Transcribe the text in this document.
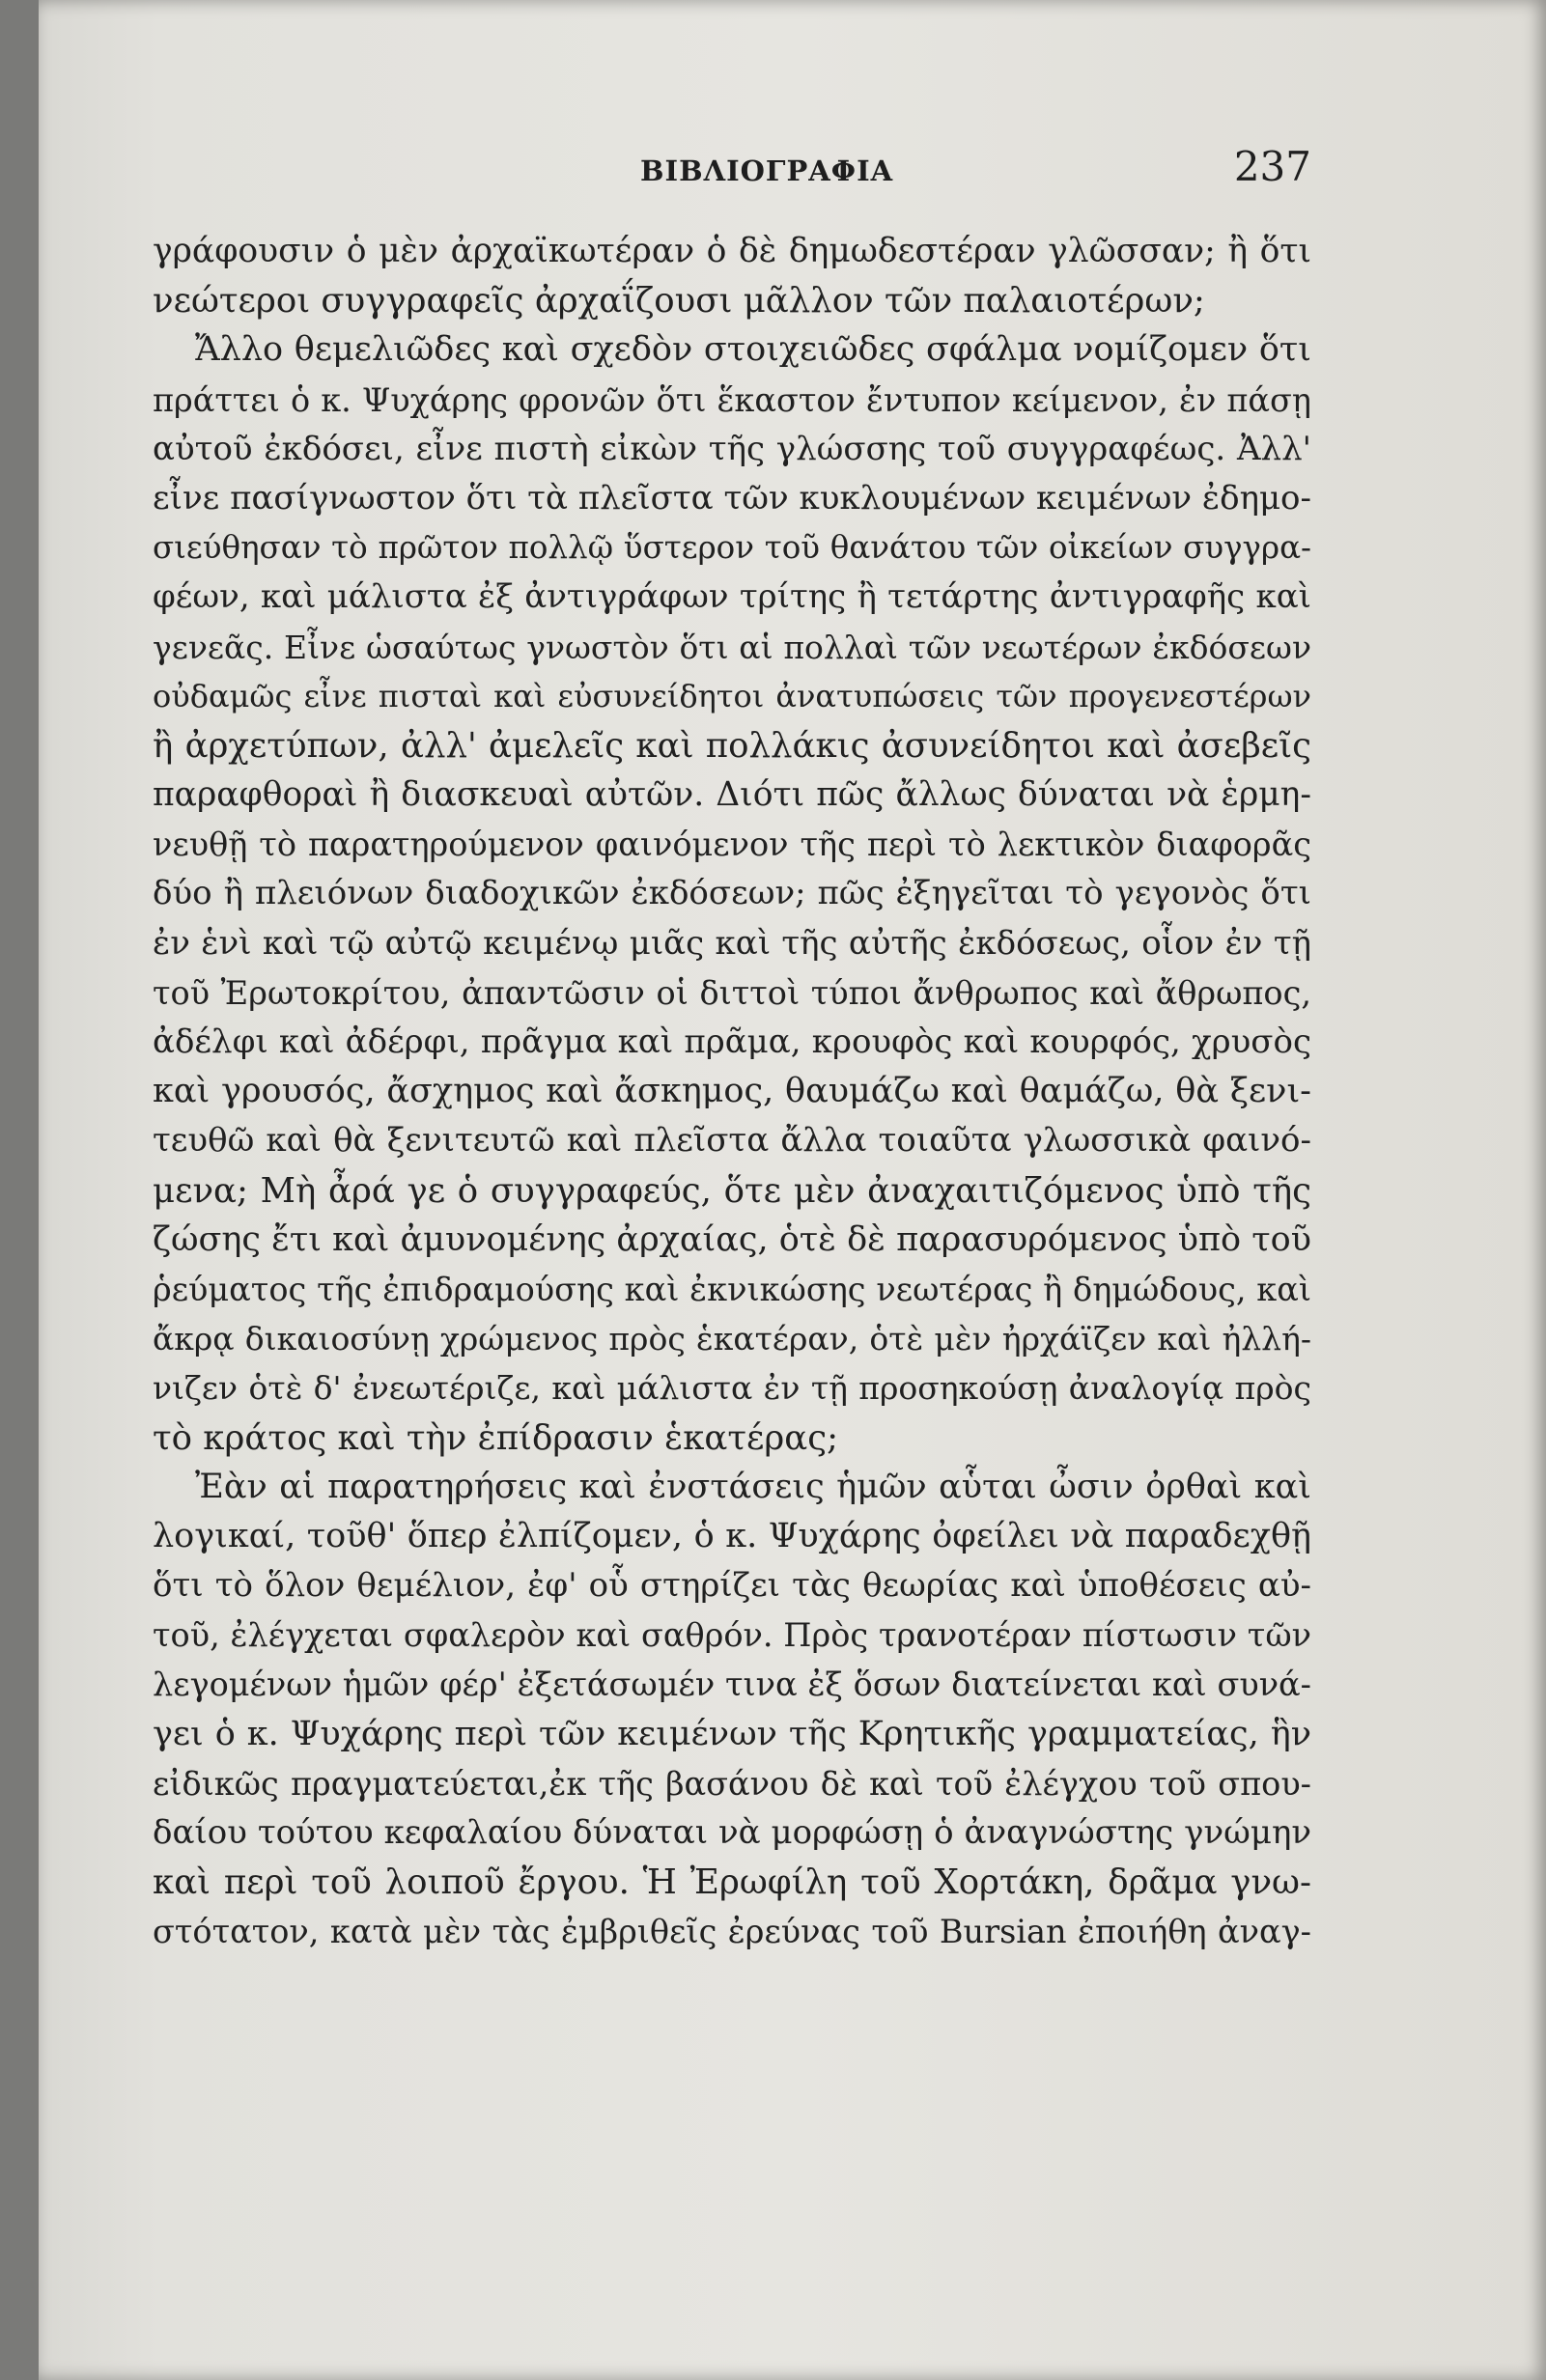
ΒΙΒΛΙΟΓΡΑΦΙΑ	237
γράφουσιν ὁ μὲν ἀρχαϊκωτέραν ὁ δὲ δημωδεστέραν γλῶσσαν; ἢ ὅτι
νεώτεροι συγγραφεῖς ἀρχαΐζουσι μᾶλλον τῶν παλαιοτέρων;
Ἄλλο θεμελιῶδες καὶ σχεδὸν στοιχειῶδες σφάλμα νομίζομεν ὅτι
πράττει ὁ κ. Ψυχάρης φρονῶν ὅτι ἕκαστον ἔντυπον κείμενον, ἐν πάσῃ
αὐτοῦ ἐκδόσει, εἶνε πιστὴ εἰκὼν τῆς γλώσσης τοῦ συγγραφέως. Ἀλλ'
εἶνε πασίγνωστον ὅτι τὰ πλεῖστα τῶν κυκλουμένων κειμένων ἐδημο-
σιεύθησαν τὸ πρῶτον πολλῷ ὕστερον τοῦ θανάτου τῶν οἰκείων συγγρα-
φέων, καὶ μάλιστα ἐξ ἀντιγράφων τρίτης ἢ τετάρτης ἀντιγραφῆς καὶ
γενεᾶς. Εἶνε ὡσαύτως γνωστὸν ὅτι αἱ πολλαὶ τῶν νεωτέρων ἐκδόσεων
οὐδαμῶς εἶνε πισταὶ καὶ εὐσυνείδητοι ἀνατυπώσεις τῶν προγενεστέρων
ἢ ἀρχετύπων, ἀλλ' ἀμελεῖς καὶ πολλάκις ἀσυνείδητοι καὶ ἀσεβεῖς
παραφθοραὶ ἢ διασκευαὶ αὐτῶν. Διότι πῶς ἄλλως δύναται νὰ ἑρμη-
νευθῇ τὸ παρατηρούμενον φαινόμενον τῆς περὶ τὸ λεκτικὸν διαφορᾶς
δύο ἢ πλειόνων διαδοχικῶν ἐκδόσεων; πῶς ἐξηγεῖται τὸ γεγονὸς ὅτι
ἐν ἑνὶ καὶ τῷ αὐτῷ κειμένῳ μιᾶς καὶ τῆς αὐτῆς ἐκδόσεως, οἷον ἐν τῇ
τοῦ Ἐρωτοκρίτου, ἀπαντῶσιν οἱ διττοὶ τύποι ἄνθρωπος καὶ ἄθρωπος,
ἀδέλφι καὶ ἀδέρφι, πρᾶγμα καὶ πρᾶμα, κρουφὸς καὶ κουρφός, χρυσὸς
καὶ γρουσός, ἄσχημος καὶ ἄσκημος, θαυμάζω καὶ θαμάζω, θὰ ξενι-
τευθῶ καὶ θὰ ξενιτευτῶ καὶ πλεῖστα ἄλλα τοιαῦτα γλωσσικὰ φαινό-
μενα; Μὴ ἆρά γε ὁ συγγραφεύς, ὅτε μὲν ἀναχαιτιζόμενος ὑπὸ τῆς
ζώσης ἔτι καὶ ἀμυνομένης ἀρχαίας, ὁτὲ δὲ παρασυρόμενος ὑπὸ τοῦ
ῥεύματος τῆς ἐπιδραμούσης καὶ ἐκνικώσης νεωτέρας ἢ δημώδους, καὶ
ἄκρᾳ δικαιοσύνῃ χρώμενος πρὸς ἑκατέραν, ὁτὲ μὲν ἠρχάϊζεν καὶ ἠλλή-
νιζεν ὁτὲ δ' ἐνεωτέριζε, καὶ μάλιστα ἐν τῇ προσηκούσῃ ἀναλογίᾳ πρὸς
τὸ κράτος καὶ τὴν ἐπίδρασιν ἑκατέρας;
Ἐὰν αἱ παρατηρήσεις καὶ ἐνστάσεις ἡμῶν αὗται ὦσιν ὀρθαὶ καὶ
λογικαί, τοῦθ' ὅπερ ἐλπίζομεν, ὁ κ. Ψυχάρης ὀφείλει νὰ παραδεχθῇ
ὅτι τὸ ὅλον θεμέλιον, ἐφ' οὗ στηρίζει τὰς θεωρίας καὶ ὑποθέσεις αὐ-
τοῦ, ἐλέγχεται σφαλερὸν καὶ σαθρόν. Πρὸς τρανοτέραν πίστωσιν τῶν
λεγομένων ἡμῶν φέρ' ἐξετάσωμέν τινα ἐξ ὅσων διατείνεται καὶ συνά-
γει ὁ κ. Ψυχάρης περὶ τῶν κειμένων τῆς Κρητικῆς γραμματείας, ἣν
εἰδικῶς πραγματεύεται,ἐκ τῆς βασάνου δὲ καὶ τοῦ ἐλέγχου τοῦ σπου-
δαίου τούτου κεφαλαίου δύναται νὰ μορφώσῃ ὁ ἀναγνώστης γνώμην
καὶ περὶ τοῦ λοιποῦ ἔργου. Ἡ Ἐρωφίλη τοῦ Χορτάκη, δρᾶμα γνω-
στότατον, κατὰ μὲν τὰς ἐμβριθεῖς ἐρεύνας τοῦ Bursian ἐποιήθη ἀναγ-
